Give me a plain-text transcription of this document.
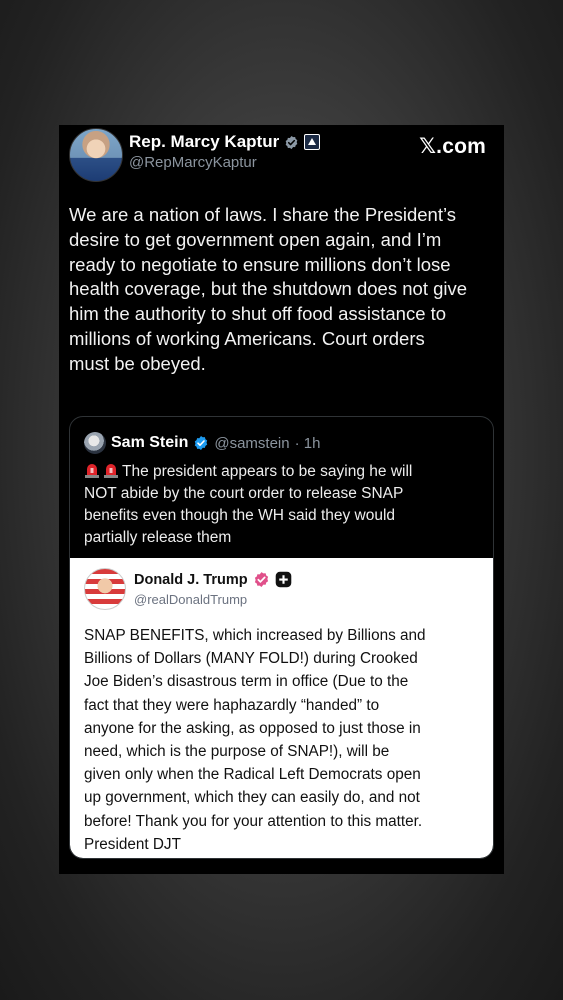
Rep. Marcy Kaptur
@RepMarcyKaptur
𝕏.com
We are a nation of laws. I share the President’s
desire to get government open again, and I’m
ready to negotiate to ensure millions don’t lose
health coverage, but the shutdown does not give
him the authority to shut off food assistance to
millions of working Americans. Court orders
must be obeyed.
Sam Stein @samstein · 1h
The president appears to be saying he will
NOT abide by the court order to release SNAP
benefits even though the WH said they would
partially release them
Donald J. Trump
@realDonaldTrump
SNAP BENEFITS, which increased by Billions and
Billions of Dollars (MANY FOLD!) during Crooked
Joe Biden’s disastrous term in office (Due to the
fact that they were haphazardly “handed” to
anyone for the asking, as opposed to just those in
need, which is the purpose of SNAP!), will be
given only when the Radical Left Democrats open
up government, which they can easily do, and not
before! Thank you for your attention to this matter.
President DJT
